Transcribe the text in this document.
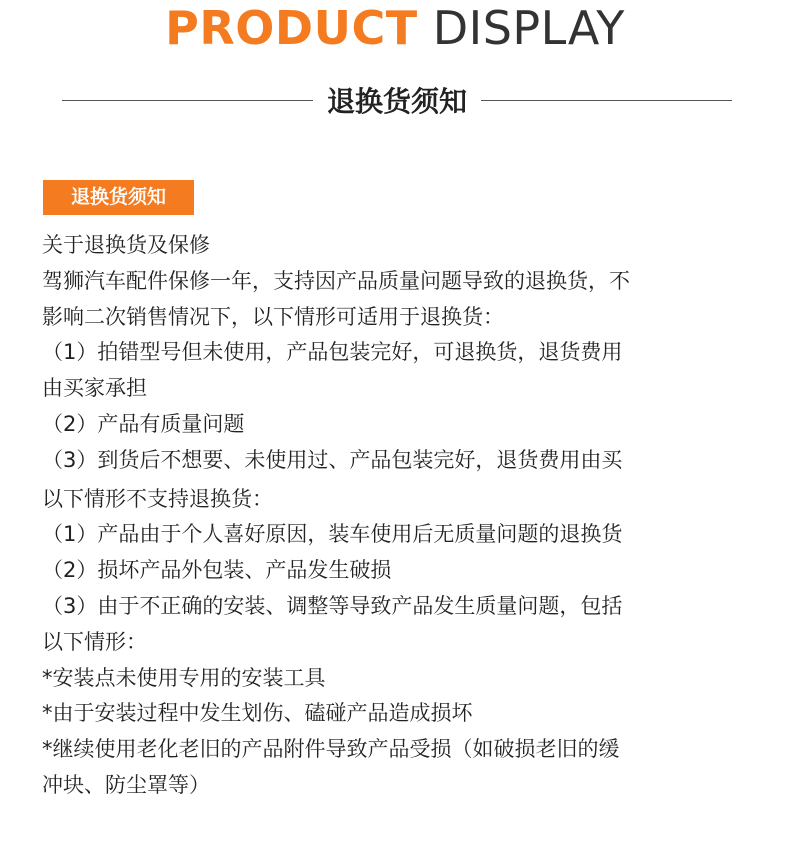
PRODUCT DISPLAY
退换货须知
退换货须知
关于退换货及保修
驾狮汽车配件保修一年，支持因产品质量问题导致的退换货，不
影响二次销售情况下，以下情形可适用于退换货：
（1）拍错型号但未使用，产品包装完好，可退换货，退货费用
由买家承担
（2）产品有质量问题
（3）到货后不想要、未使用过、产品包装完好，退货费用由买
以下情形不支持退换货：
（1）产品由于个人喜好原因，装车使用后无质量问题的退换货
（2）损坏产品外包装、产品发生破损
（3）由于不正确的安装、调整等导致产品发生质量问题，包括
以下情形：
*安装点未使用专用的安装工具
*由于安装过程中发生划伤、磕碰产品造成损坏
*继续使用老化老旧的产品附件导致产品受损（如破损老旧的缓
冲块、防尘罩等）
